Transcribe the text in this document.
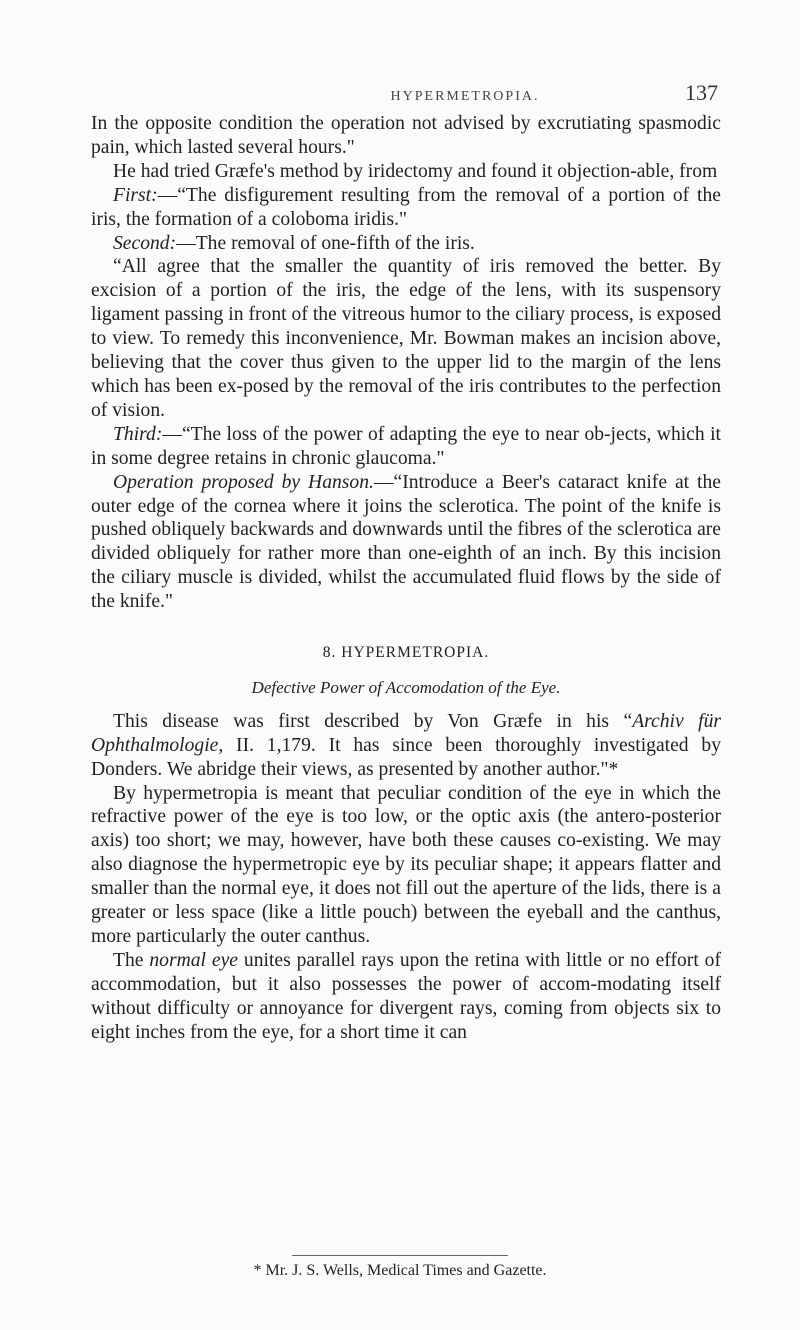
HYPERMETROPIA.	137

In the opposite condition the operation not advised by excrutiating spasmodic pain, which lasted several hours."

He had tried Græfe's method by iridectomy and found it objection-able, from

First:—“The disfigurement resulting from the removal of a portion of the iris, the formation of a coloboma iridis."

Second:—The removal of one-fifth of the iris.

“All agree that the smaller the quantity of iris removed the better. By excision of a portion of the iris, the edge of the lens, with its suspensory ligament passing in front of the vitreous humor to the ciliary process, is exposed to view. To remedy this inconvenience, Mr. Bowman makes an incision above, believing that the cover thus given to the upper lid to the margin of the lens which has been ex-posed by the removal of the iris contributes to the perfection of vision.

Third:—“The loss of the power of adapting the eye to near ob-jects, which it in some degree retains in chronic glaucoma."

Operation proposed by Hanson.—“Introduce a Beer's cataract knife at the outer edge of the cornea where it joins the sclerotica. The point of the knife is pushed obliquely backwards and downwards until the fibres of the sclerotica are divided obliquely for rather more than one-eighth of an inch. By this incision the ciliary muscle is divided, whilst the accumulated fluid flows by the side of the knife."

8. HYPERMETROPIA.
Defective Power of Accomodation of the Eye.

This disease was first described by Von Græfe in his “Archiv für Ophthalmologie, II. 1,179. It has since been thoroughly investigated by Donders. We abridge their views, as presented by another author."*

By hypermetropia is meant that peculiar condition of the eye in which the refractive power of the eye is too low, or the optic axis (the antero-posterior axis) too short; we may, however, have both these causes co-existing. We may also diagnose the hypermetropic eye by its peculiar shape; it appears flatter and smaller than the normal eye, it does not fill out the aperture of the lids, there is a greater or less space (like a little pouch) between the eyeball and the canthus, more particularly the outer canthus.

The normal eye unites parallel rays upon the retina with little or no effort of accommodation, but it also possesses the power of accom-modating itself without difficulty or annoyance for divergent rays, coming from objects six to eight inches from the eye, for a short time it can

* Mr. J. S. Wells, Medical Times and Gazette.
